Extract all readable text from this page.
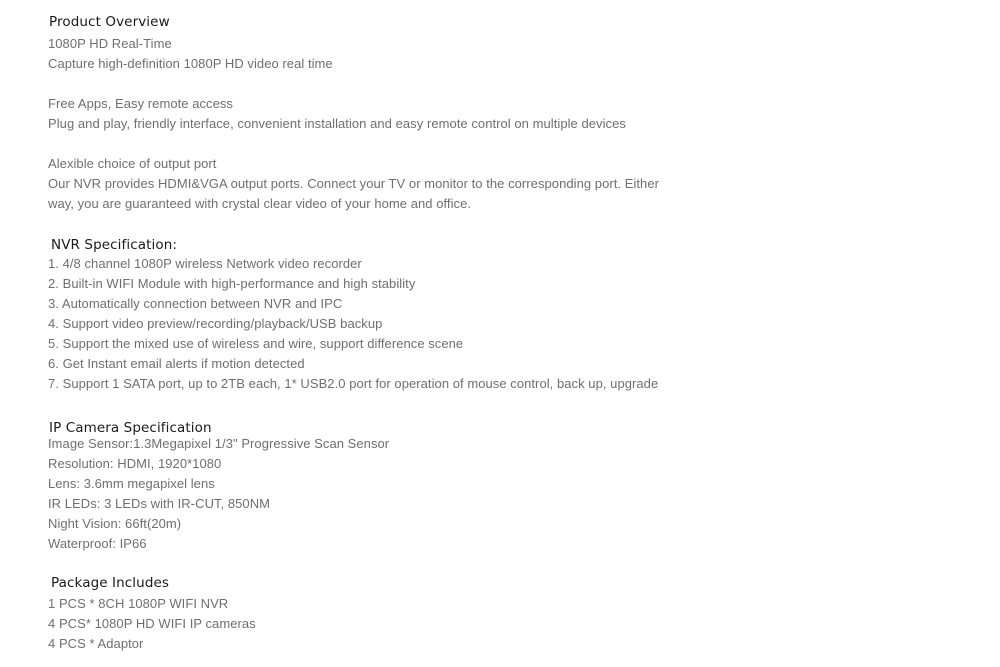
Product Overview
1080P HD Real-Time
Capture high-definition 1080P HD video real time
Free Apps, Easy remote access
Plug and play, friendly interface, convenient installation and easy remote control on multiple devices
Alexible choice of output port
Our NVR provides HDMI&VGA output ports. Connect your TV or monitor to the corresponding port. Either
way, you are guaranteed with crystal clear video of your home and office.
NVR Specification:
1. 4/8 channel 1080P wireless Network video recorder
2. Built-in WIFI Module with high-performance and high stability
3. Automatically connection between NVR and IPC
4. Support video preview/recording/playback/USB backup
5. Support the mixed use of wireless and wire, support difference scene
6. Get Instant email alerts if motion detected
7. Support 1 SATA port, up to 2TB each, 1* USB2.0 port for operation of mouse control, back up, upgrade
IP Camera Specification
Image Sensor:1.3Megapixel 1/3" Progressive Scan Sensor
Resolution: HDMI, 1920*1080
Lens: 3.6mm megapixel lens
IR LEDs: 3 LEDs with IR-CUT, 850NM
Night Vision: 66ft(20m)
Waterproof: IP66
Package Includes
1 PCS * 8CH 1080P WIFI NVR
4 PCS* 1080P HD WIFI IP cameras
4 PCS * Adaptor
